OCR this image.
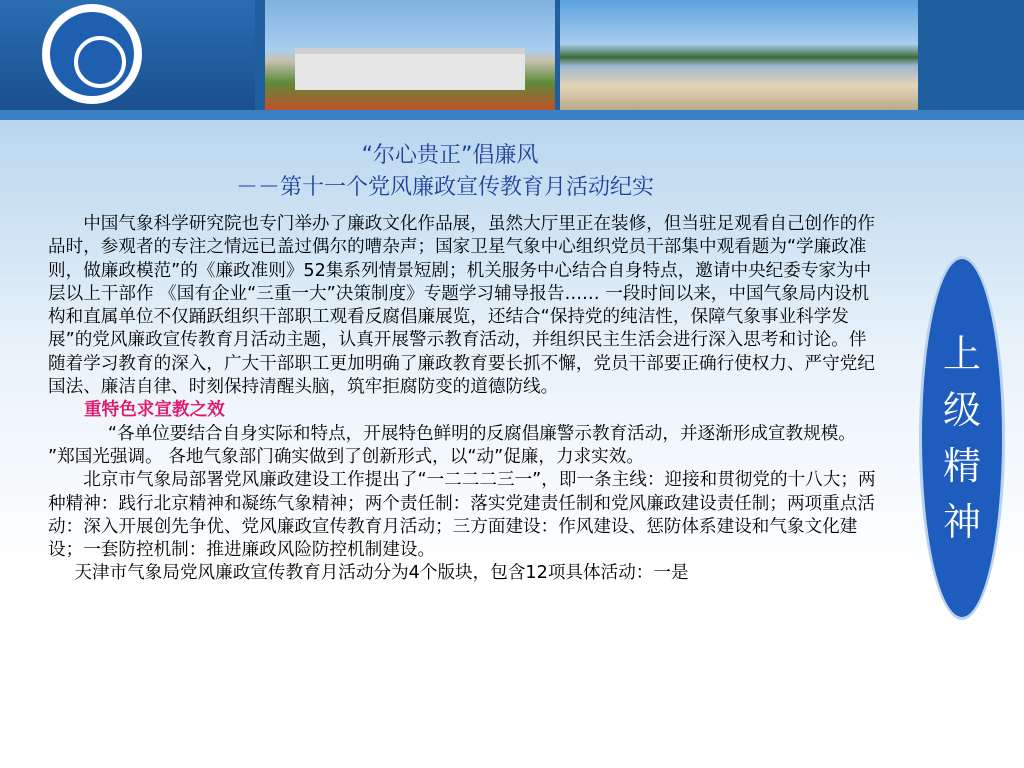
“尔心贵正”倡廉风
－－第十一个党风廉政宣传教育月活动纪实

中国气象科学研究院也专门举办了廉政文化作品展，虽然大厅里正在装修，但当驻足观看自己创作的作品时，参观者的专注之情远已盖过偶尔的嘈杂声；国家卫星气象中心组织党员干部集中观看题为“学廉政准则，做廉政模范”的《廉政准则》52集系列情景短剧；机关服务中心结合自身特点，邀请中央纪委专家为中层以上干部作 《国有企业“三重一大”决策制度》专题学习辅导报告…… 一段时间以来，中国气象局内设机构和直属单位不仅踊跃组织干部职工观看反腐倡廉展览，还结合“保持党的纯洁性，保障气象事业科学发展”的党风廉政宣传教育月活动主题，认真开展警示教育活动，并组织民主生活会进行深入思考和讨论。伴随着学习教育的深入，广大干部职工更加明确了廉政教育要长抓不懈，党员干部要正确行使权力、严守党纪国法、廉洁自律、时刻保持清醒头脑，筑牢拒腐防变的道德防线。

重特色求宣教之效

“各单位要结合自身实际和特点，开展特色鲜明的反腐倡廉警示教育活动，并逐渐形成宣教规模。 ”郑国光强调。 各地气象部门确实做到了创新形式，以“动”促廉，力求实效。

北京市气象局部署党风廉政建设工作提出了“一二二二三一”，即一条主线：迎接和贯彻党的十八大；两种精神：践行北京精神和凝练气象精神；两个责任制：落实党建责任制和党风廉政建设责任制；两项重点活动：深入开展创先争优、党风廉政宣传教育月活动；三方面建设：作风建设、惩防体系建设和气象文化建设；一套防控机制：推进廉政风险防控机制建设。

天津市气象局党风廉政宣传教育月活动分为4个版块，包含12项具体活动：一是

上级精神
